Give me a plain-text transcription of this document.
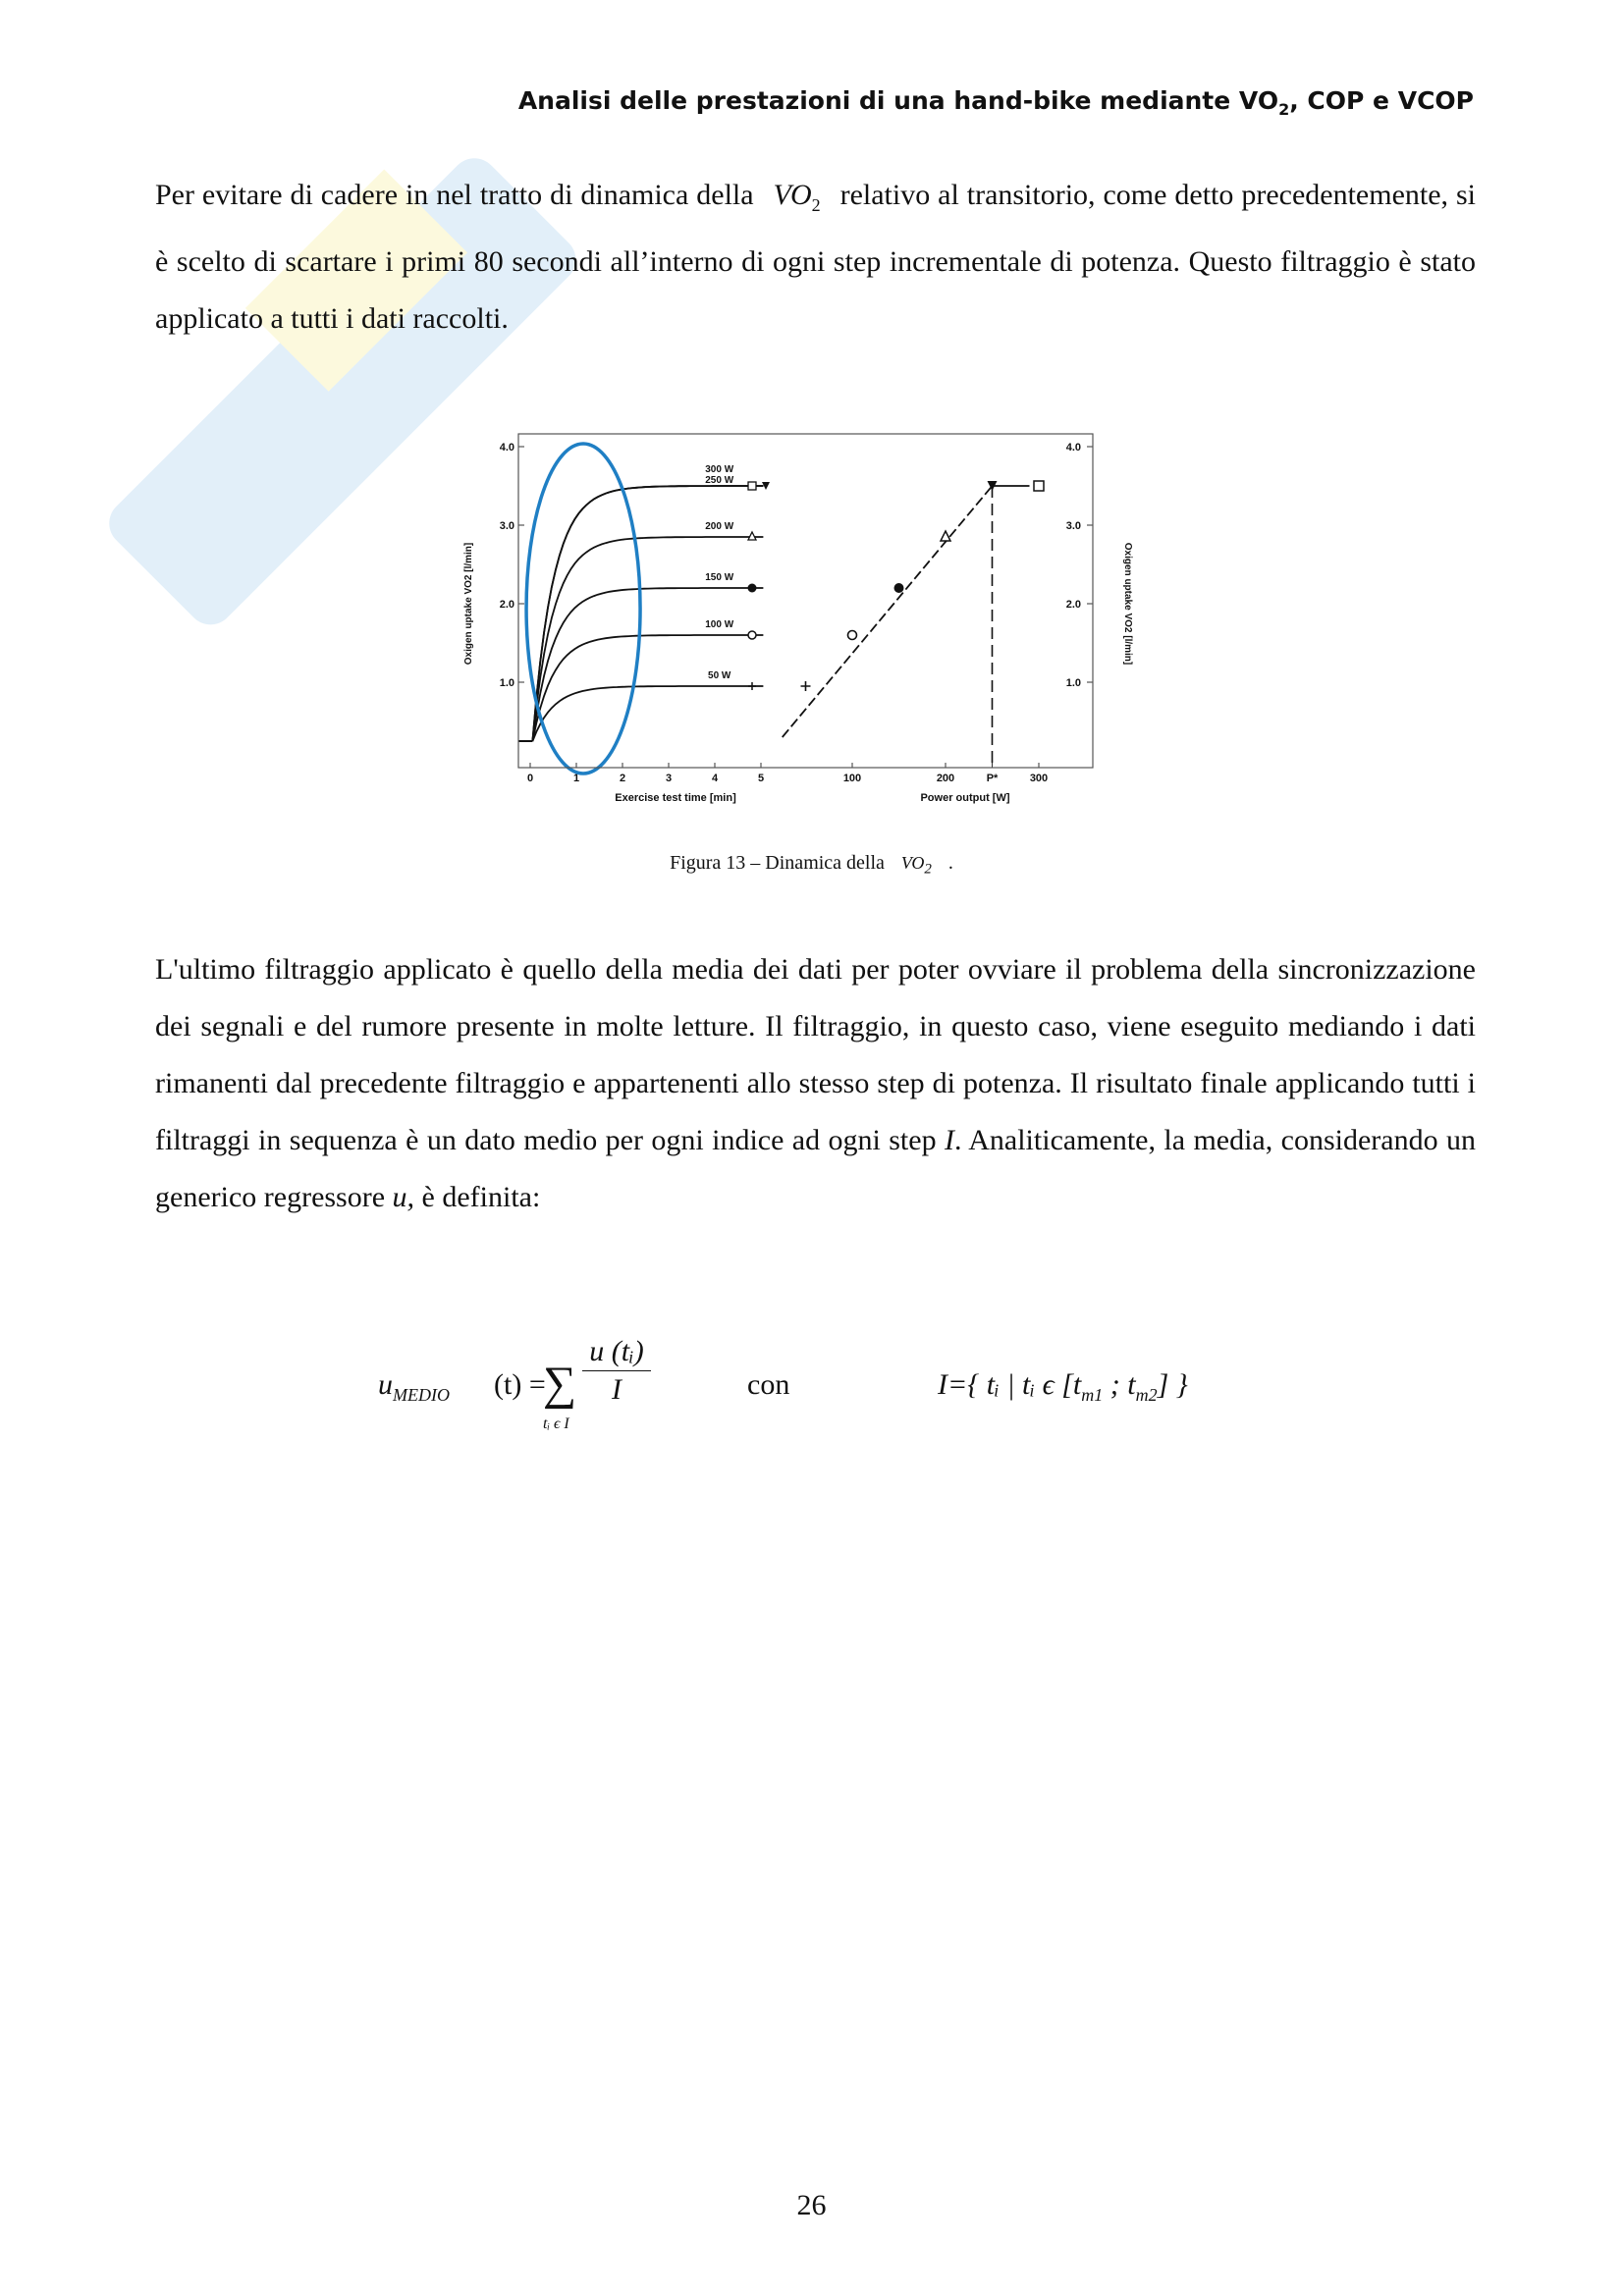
Analisi delle prestazioni di una hand-bike mediante $VO_2$, COP e VCOP
Per evitare di cadere in nel tratto di dinamica della $VO_2$ relativo al transitorio, come detto precedentemente, si è scelto di scartare i primi 80 secondi all’interno di ogni step incrementale di potenza. Questo filtraggio è stato applicato a tutti i dati raccolti.
1.0
2.0
3.0
4.0
0	1	2	3	4	5
Exercise test time [min]
Oxigen uptake VO2 [l/min]
300 W
250 W
200 W
150 W
100 W
50 W
1.0
2.0
3.0
4.0
100	200	P*	300
Power output [W]
Oxigen uptake VO2 [l/min]
Figura 13 – Dinamica della $VO_2$ .
L'ultimo filtraggio applicato è quello della media dei dati per poter ovviare il problema della sincronizzazione dei segnali e del rumore presente in molte letture. Il filtraggio, in questo caso, viene eseguito mediando i dati rimanenti dal precedente filtraggio e appartenenti allo stesso step di potenza. Il risultato finale applicando tutti i filtraggi in sequenza è un dato medio per ogni indice ad ogni step I. Analiticamente, la media, considerando un generico regressore u, è definita:
$u_{MEDIO}$ (t) =
∑
tᵢ ϵ I
$\frac{\text{u (tᵢ)}}{I}$	con	I={ tᵢ | tᵢ ϵ [$t_{m1}$ ; $t_{m2}$] }
26
